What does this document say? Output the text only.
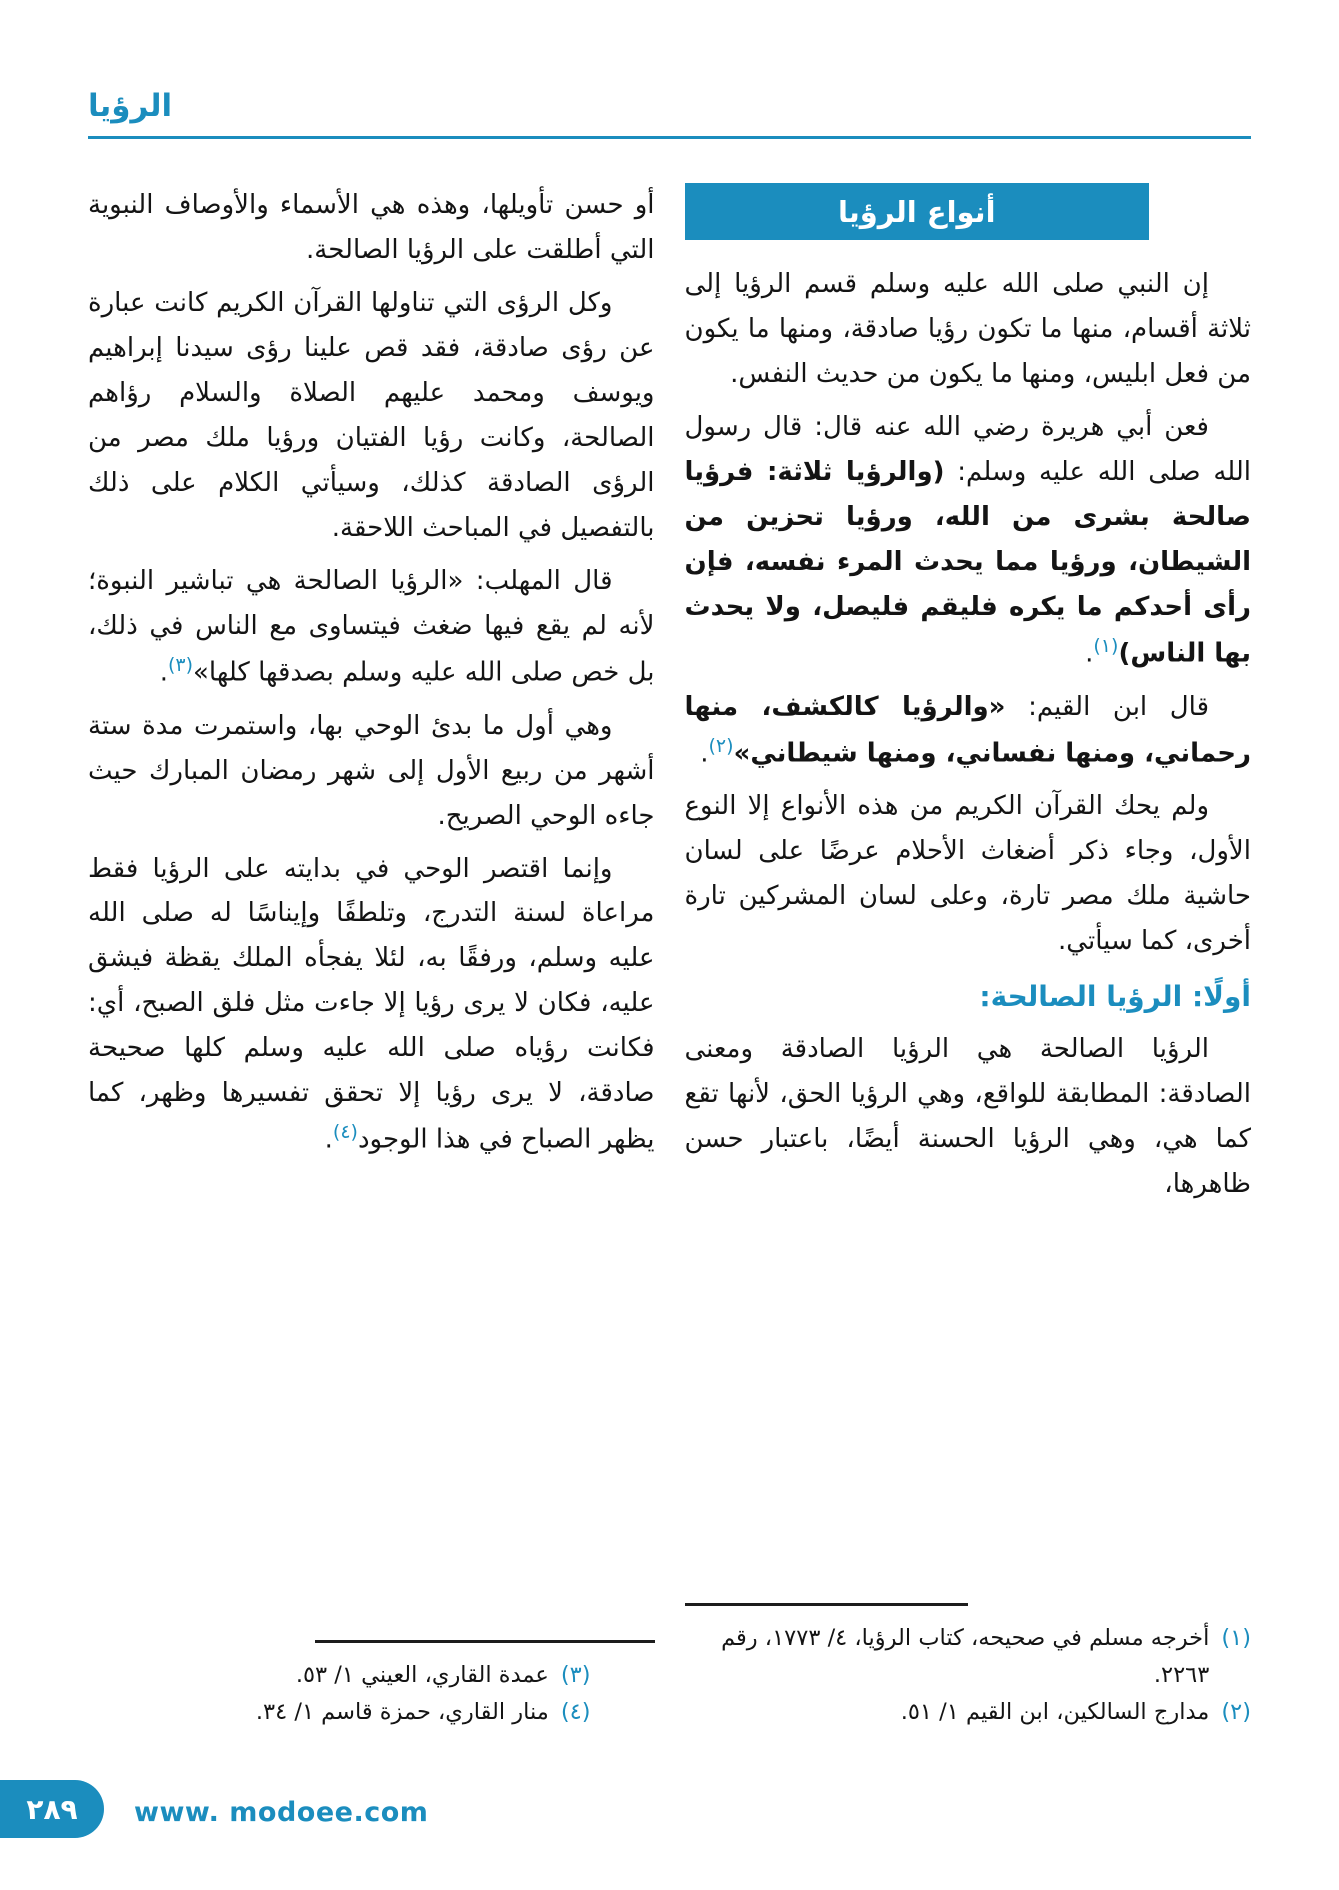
الرؤيا
أنواع الرؤيا

إن النبي صلى الله عليه وسلم قسم الرؤيا إلى ثلاثة أقسام، منها ما تكون رؤيا صادقة، ومنها ما يكون من فعل ابليس، ومنها ما يكون من حديث النفس.

فعن أبي هريرة رضي الله عنه قال: قال رسول الله صلى الله عليه وسلم: (والرؤيا ثلاثة: فرؤيا صالحة بشرى من الله، ورؤيا تحزين من الشيطان، ورؤيا مما يحدث المرء نفسه، فإن رأى أحدكم ما يكره فليقم فليصل، ولا يحدث بها الناس)$^{(١)}$.

قال ابن القيم: «والرؤيا كالكشف، منها رحماني، ومنها نفساني، ومنها شيطاني»$^{(٢)}$.

ولم يحك القرآن الكريم من هذه الأنواع إلا النوع الأول، وجاء ذكر أضغاث الأحلام عرضًا على لسان حاشية ملك مصر تارة، وعلى لسان المشركين تارة أخرى، كما سيأتي.

أولًا: الرؤيا الصالحة:

الرؤيا الصالحة هي الرؤيا الصادقة ومعنى الصادقة: المطابقة للواقع، وهي الرؤيا الحق، لأنها تقع كما هي، وهي الرؤيا الحسنة أيضًا، باعتبار حسن ظاهرها،

(١)
أخرجه مسلم في صحيحه، كتاب الرؤيا، ٤/ ١٧٧٣، رقم ٢٢٦٣.
(٢)
مدارج السالكين، ابن القيم ١/ ٥١.

أو حسن تأويلها، وهذه هي الأسماء والأوصاف النبوية التي أطلقت على الرؤيا الصالحة.

وكل الرؤى التي تناولها القرآن الكريم كانت عبارة عن رؤى صادقة، فقد قص علينا رؤى سيدنا إبراهيم ويوسف ومحمد عليهم الصلاة والسلام رؤاهم الصالحة، وكانت رؤيا الفتيان ورؤيا ملك مصر من الرؤى الصادقة كذلك، وسيأتي الكلام على ذلك بالتفصيل في المباحث اللاحقة.

قال المهلب: «الرؤيا الصالحة هي تباشير النبوة؛ لأنه لم يقع فيها ضغث فيتساوى مع الناس في ذلك، بل خص صلى الله عليه وسلم بصدقها كلها»$^{(٣)}$.

وهي أول ما بدئ الوحي بها، واستمرت مدة ستة أشهر من ربيع الأول إلى شهر رمضان المبارك حيث جاءه الوحي الصريح.

وإنما اقتصر الوحي في بدايته على الرؤيا فقط مراعاة لسنة التدرج، وتلطفًا وإيناسًا له صلى الله عليه وسلم، ورفقًا به، لئلا يفجأه الملك يقظة فيشق عليه، فكان لا يرى رؤيا إلا جاءت مثل فلق الصبح، أي: فكانت رؤياه صلى الله عليه وسلم كلها صحيحة صادقة، لا يرى رؤيا إلا تحقق تفسيرها وظهر، كما يظهر الصباح في هذا الوجود$^{(٤)}$.

(٣)
عمدة القاري، العيني ١/ ٥٣.
(٤)
منار القاري، حمزة قاسم ١/ ٣٤.
٢٨٩ www. modoee.com
